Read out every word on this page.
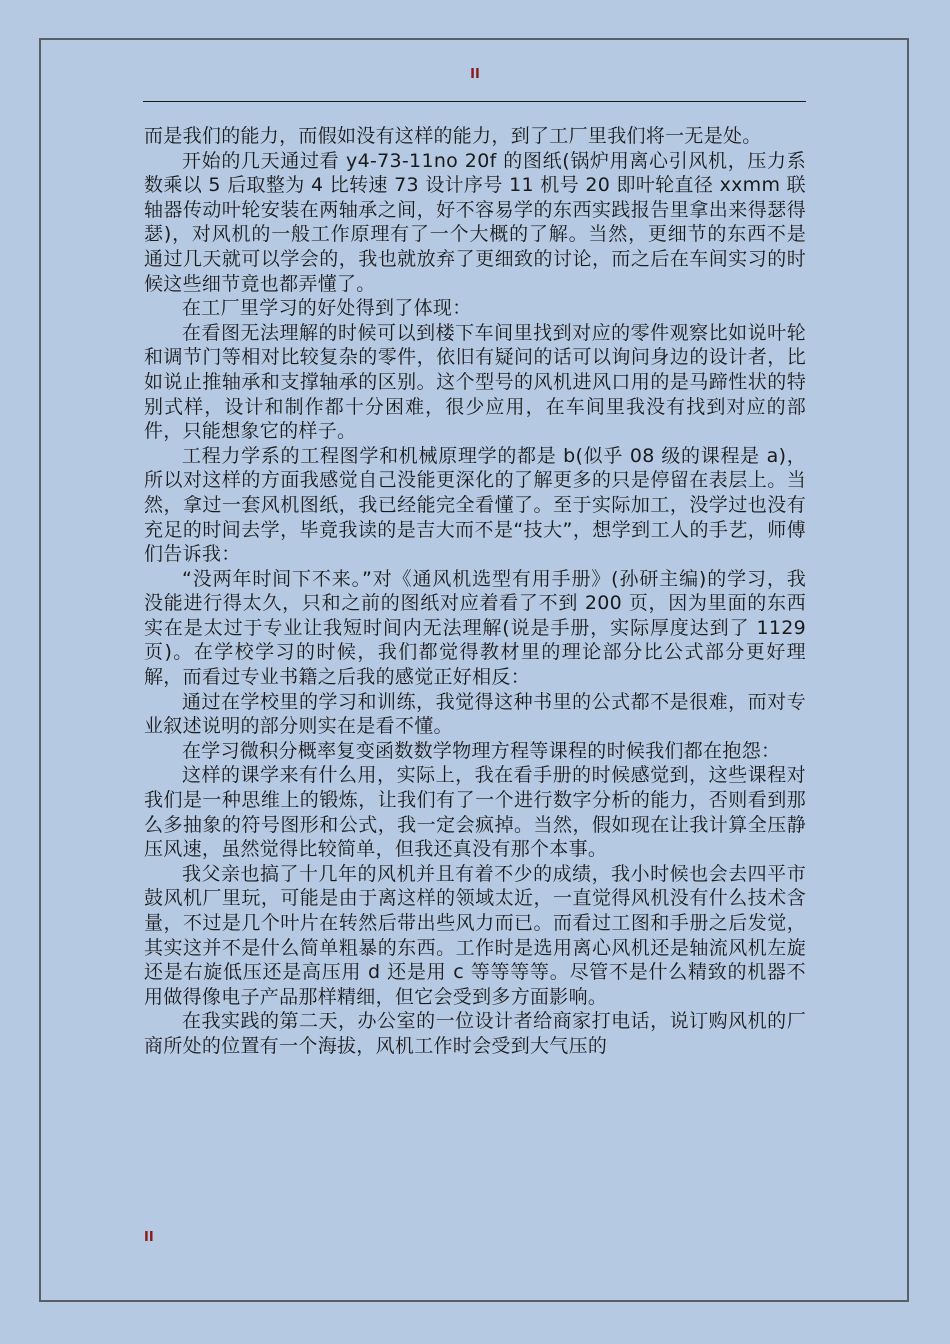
II

而是我们的能力，而假如没有这样的能力，到了工厂里我们将一无是处。

开始的几天通过看 y4-73-11no 20f 的图纸(锅炉用离心引风机，压力系数乘以 5 后取整为 4 比转速 73 设计序号 11 机号 20 即叶轮直径 xxmm 联轴器传动叶轮安装在两轴承之间，好不容易学的东西实践报告里拿出来得瑟得瑟)，对风机的一般工作原理有了一个大概的了解。当然，更细节的东西不是通过几天就可以学会的，我也就放弃了更细致的讨论，而之后在车间实习的时候这些细节竟也都弄懂了。

在工厂里学习的好处得到了体现：

在看图无法理解的时候可以到楼下车间里找到对应的零件观察比如说叶轮和调节门等相对比较复杂的零件，依旧有疑问的话可以询问身边的设计者，比如说止推轴承和支撑轴承的区别。这个型号的风机进风口用的是马蹄性状的特别式样，设计和制作都十分困难，很少应用，在车间里我没有找到对应的部件，只能想象它的样子。

工程力学系的工程图学和机械原理学的都是 b(似乎 08 级的课程是 a)，所以对这样的方面我感觉自己没能更深化的了解更多的只是停留在表层上。当然，拿过一套风机图纸，我已经能完全看懂了。至于实际加工，没学过也没有充足的时间去学，毕竟我读的是吉大而不是“技大”，想学到工人的手艺，师傅们告诉我：

“没两年时间下不来。”对《通风机选型有用手册》(孙研主编)的学习，我没能进行得太久，只和之前的图纸对应着看了不到 200 页，因为里面的东西实在是太过于专业让我短时间内无法理解(说是手册，实际厚度达到了 1129 页)。在学校学习的时候，我们都觉得教材里的理论部分比公式部分更好理解，而看过专业书籍之后我的感觉正好相反：

通过在学校里的学习和训练，我觉得这种书里的公式都不是很难，而对专业叙述说明的部分则实在是看不懂。

在学习微积分概率复变函数数学物理方程等课程的时候我们都在抱怨：

这样的课学来有什么用，实际上，我在看手册的时候感觉到，这些课程对我们是一种思维上的锻炼，让我们有了一个进行数字分析的能力，否则看到那么多抽象的符号图形和公式，我一定会疯掉。当然，假如现在让我计算全压静压风速，虽然觉得比较简单，但我还真没有那个本事。

我父亲也搞了十几年的风机并且有着不少的成绩，我小时候也会去四平市鼓风机厂里玩，可能是由于离这样的领域太近，一直觉得风机没有什么技术含量，不过是几个叶片在转然后带出些风力而已。而看过工图和手册之后发觉，其实这并不是什么简单粗暴的东西。工作时是选用离心风机还是轴流风机左旋还是右旋低压还是高压用 d 还是用 c 等等等等。尽管不是什么精致的机器不用做得像电子产品那样精细，但它会受到多方面影响。

在我实践的第二天，办公室的一位设计者给商家打电话，说订购风机的厂商所处的位置有一个海拔，风机工作时会受到大气压的

II
